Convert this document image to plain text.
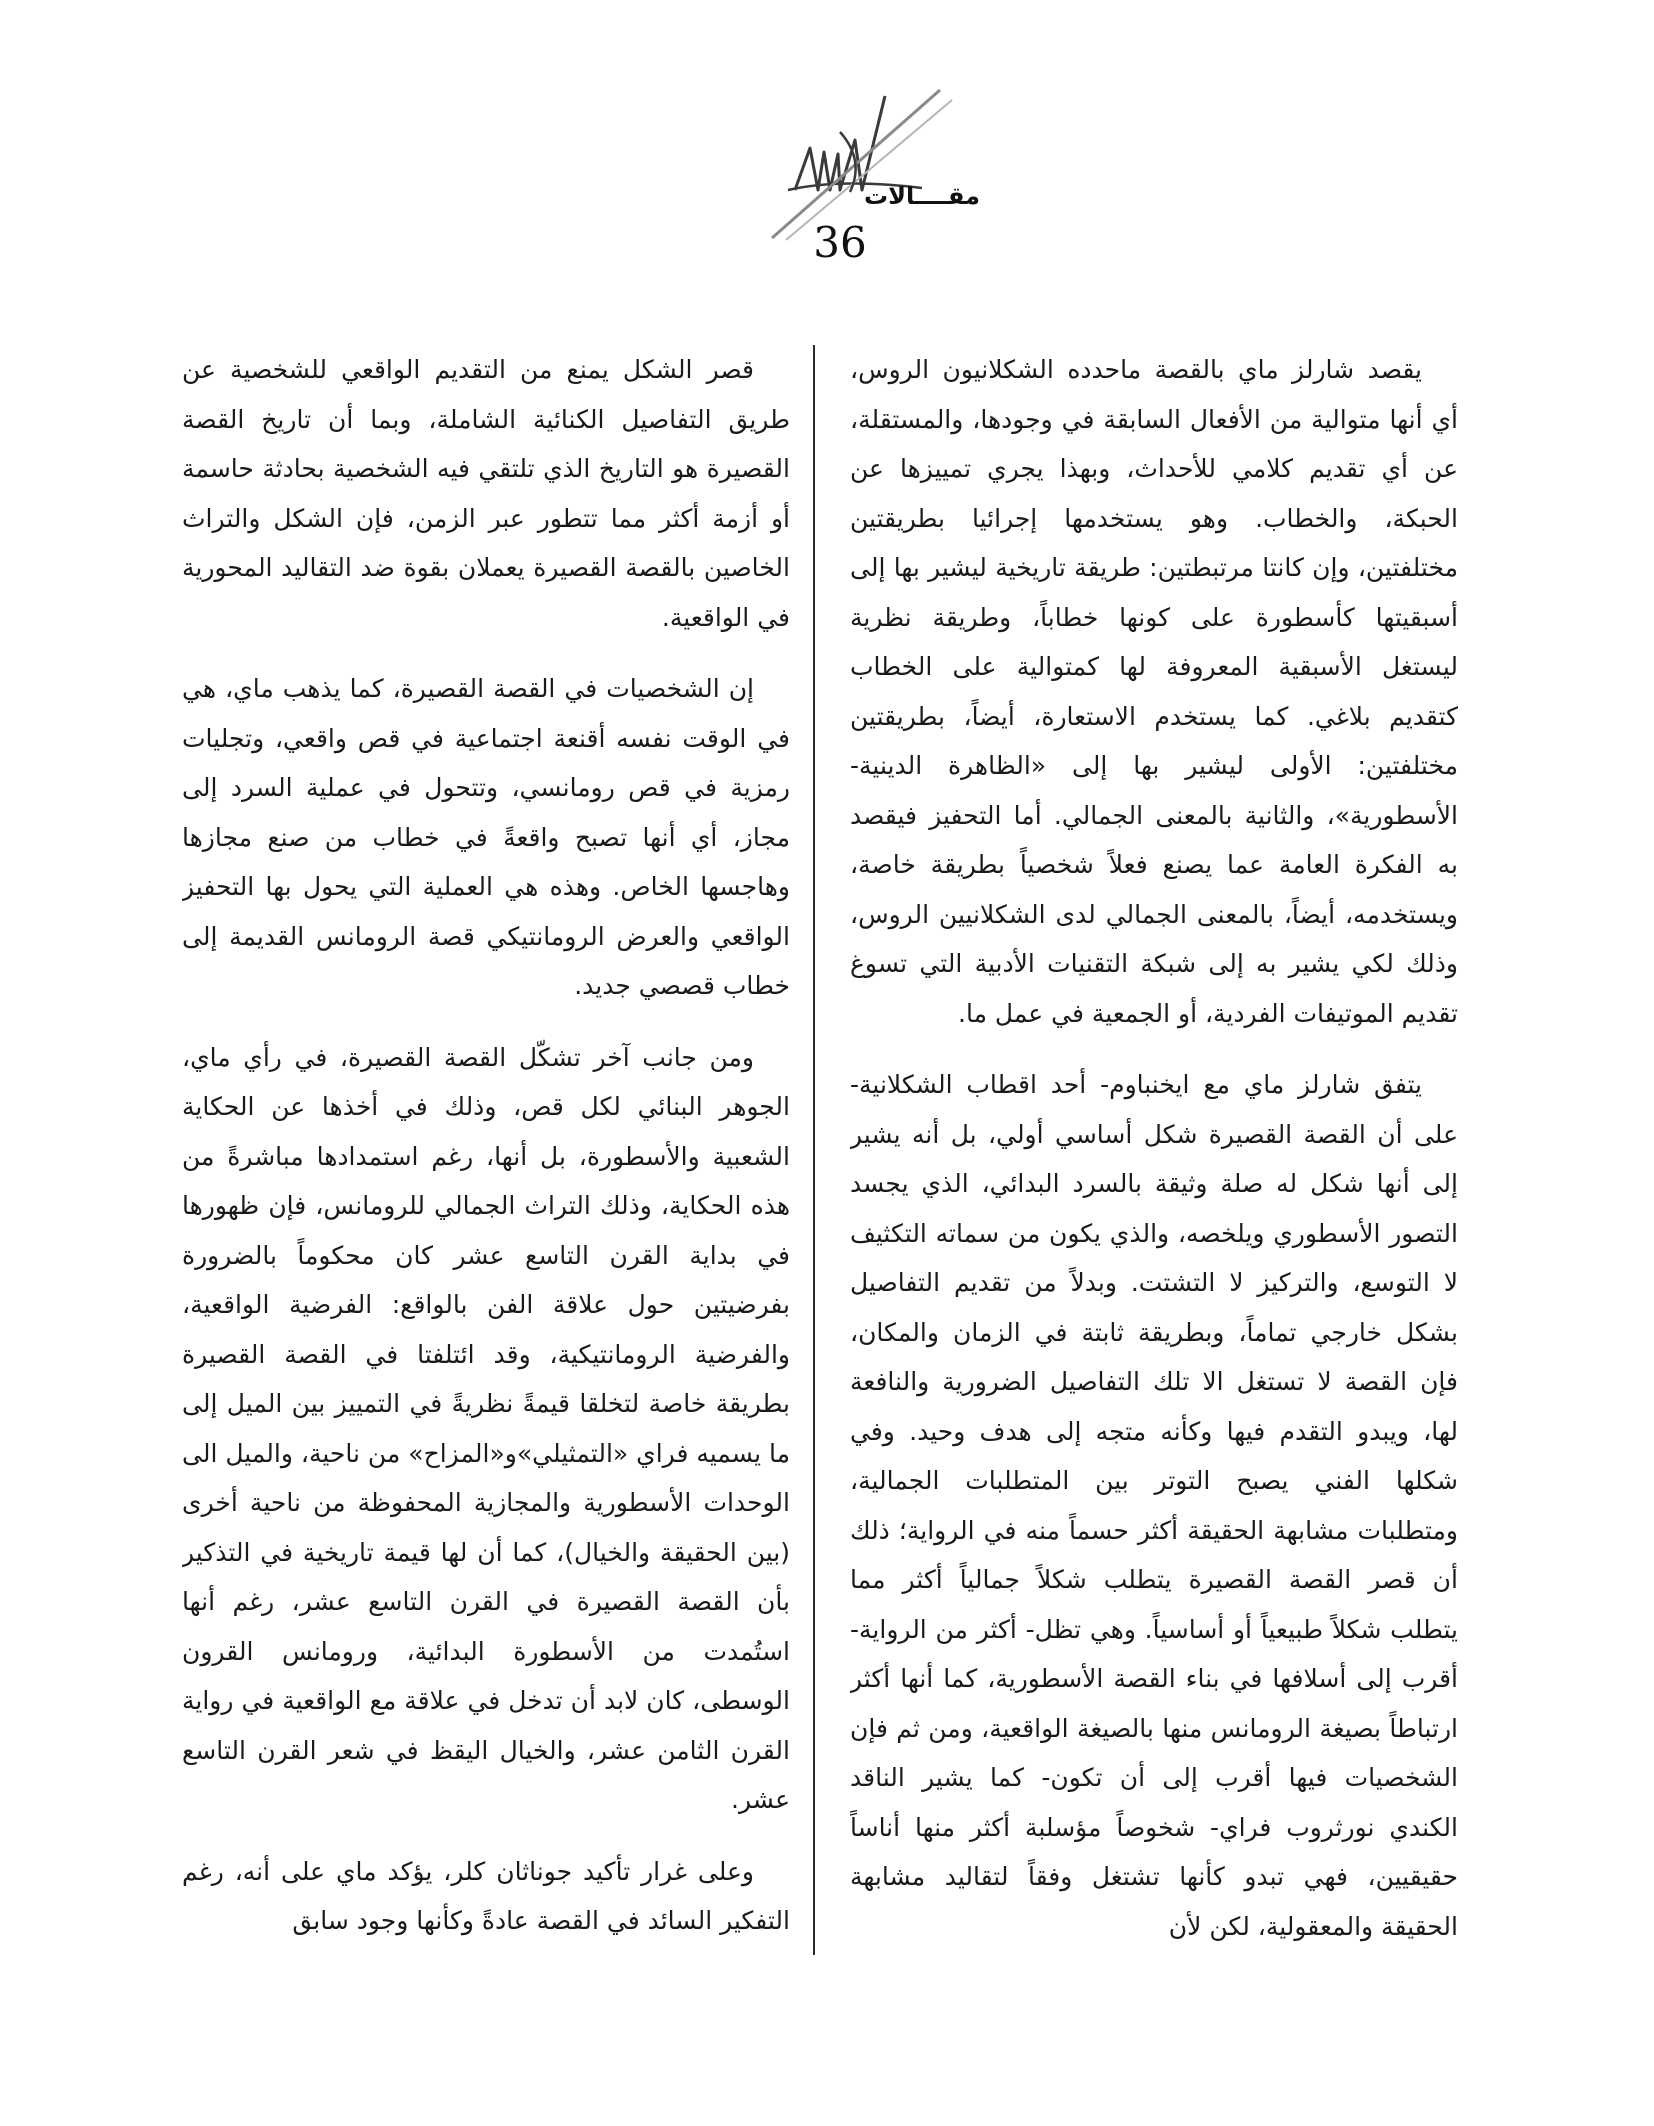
مقــــالات
36

يقصد شارلز ماي بالقصة ماحدده الشكلانيون الروس، أي أنها متوالية من الأفعال السابقة في وجودها، والمستقلة، عن أي تقديم كلامي للأحداث، وبهذا يجري تمييزها عن الحبكة، والخطاب. وهو يستخدمها إجرائيا بطريقتين مختلفتين، وإن كانتا مرتبطتين: طريقة تاريخية ليشير بها إلى أسبقيتها كأسطورة على كونها خطاباً، وطريقة نظرية ليستغل الأسبقية المعروفة لها كمتوالية على الخطاب كتقديم بلاغي. كما يستخدم الاستعارة، أيضاً، بطريقتين مختلفتين: الأولى ليشير بها إلى «الظاهرة الدينية- الأسطورية»، والثانية بالمعنى الجمالي. أما التحفيز فيقصد به الفكرة العامة عما يصنع فعلاً شخصياً بطريقة خاصة، ويستخدمه، أيضاً، بالمعنى الجمالي لدى الشكلانيين الروس، وذلك لكي يشير به إلى شبكة التقنيات الأدبية التي تسوغ تقديم الموتيفات الفردية، أو الجمعية في عمل ما.

يتفق شارلز ماي مع ايخنباوم- أحد اقطاب الشكلانية- على أن القصة القصيرة شكل أساسي أولي، بل أنه يشير إلى أنها شكل له صلة وثيقة بالسرد البدائي، الذي يجسد التصور الأسطوري ويلخصه، والذي يكون من سماته التكثيف لا التوسع، والتركيز لا التشتت. وبدلاً من تقديم التفاصيل بشكل خارجي تماماً، وبطريقة ثابتة في الزمان والمكان، فإن القصة لا تستغل الا تلك التفاصيل الضرورية والنافعة لها، ويبدو التقدم فيها وكأنه متجه إلى هدف وحيد. وفي شكلها الفني يصبح التوتر بين المتطلبات الجمالية، ومتطلبات مشابهة الحقيقة أكثر حسماً منه في الرواية؛ ذلك أن قصر القصة القصيرة يتطلب شكلاً جمالياً أكثر مما يتطلب شكلاً طبيعياً أو أساسياً. وهي تظل- أكثر من الرواية- أقرب إلى أسلافها في بناء القصة الأسطورية، كما أنها أكثر ارتباطاً بصيغة الرومانس منها بالصيغة الواقعية، ومن ثم فإن الشخصيات فيها أقرب إلى أن تكون- كما يشير الناقد الكندي نورثروب فراي- شخوصاً مؤسلبة أكثر منها أناساً حقيقيين، فهي تبدو كأنها تشتغل وفقاً لتقاليد مشابهة الحقيقة والمعقولية، لكن لأن

قصر الشكل يمنع من التقديم الواقعي للشخصية عن طريق التفاصيل الكنائية الشاملة، وبما أن تاريخ القصة القصيرة هو التاريخ الذي تلتقي فيه الشخصية بحادثة حاسمة أو أزمة أكثر مما تتطور عبر الزمن، فإن الشكل والتراث الخاصين بالقصة القصيرة يعملان بقوة ضد التقاليد المحورية في الواقعية.

إن الشخصيات في القصة القصيرة، كما يذهب ماي، هي في الوقت نفسه أقنعة اجتماعية في قص واقعي، وتجليات رمزية في قص رومانسي، وتتحول في عملية السرد إلى مجاز، أي أنها تصبح واقعةً في خطاب من صنع مجازها وهاجسها الخاص. وهذه هي العملية التي يحول بها التحفيز الواقعي والعرض الرومانتيكي قصة الرومانس القديمة إلى خطاب قصصي جديد.

ومن جانب آخر تشكّل القصة القصيرة، في رأي ماي، الجوهر البنائي لكل قص، وذلك في أخذها عن الحكاية الشعبية والأسطورة، بل أنها، رغم استمدادها مباشرةً من هذه الحكاية، وذلك التراث الجمالي للرومانس، فإن ظهورها في بداية القرن التاسع عشر كان محكوماً بالضرورة بفرضيتين حول علاقة الفن بالواقع: الفرضية الواقعية، والفرضية الرومانتيكية، وقد ائتلفتا في القصة القصيرة بطريقة خاصة لتخلقا قيمةً نظريةً في التمييز بين الميل إلى ما يسميه فراي «التمثيلي»و«المزاح» من ناحية، والميل الى الوحدات الأسطورية والمجازية المحفوظة من ناحية أخرى (بين الحقيقة والخيال)، كما أن لها قيمة تاريخية في التذكير بأن القصة القصيرة في القرن التاسع عشر، رغم أنها استُمدت من الأسطورة البدائية، ورومانس القرون الوسطى، كان لابد أن تدخل في علاقة مع الواقعية في رواية القرن الثامن عشر، والخيال اليقظ في شعر القرن التاسع عشر.

وعلى غرار تأكيد جوناثان كلر، يؤكد ماي على أنه، رغم التفكير السائد في القصة عادةً وكأنها وجود سابق
